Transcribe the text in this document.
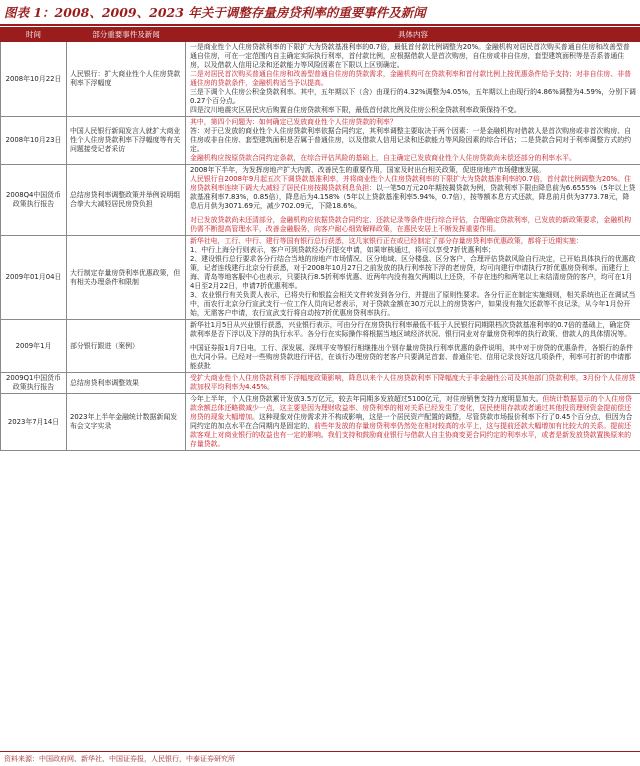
图表 1：2008、2009、2023 年关于调整存量房贷利率的重要事件及新闻
时间	部分重要事件及新闻	具体内容
2008年10月22日	人民银行：扩大商业性个人住房贷款利率下浮幅度	一是商业性个人住房贷款利率的下限扩大为贷款基准利率的0.7倍，最低首付款比例调整为20%。金融机构对居民首次购买普通自住房和改善型普通自住房，可在一定范围内自主确定实际执行利率，首付款比例，应根据借款人是首次购房，自住房或非自住房，套型建筑面积等是否系普通住房，以及借款人信用记录和还款能力等风险因素在下限以上区别确定。

二是对居民首次购买普通自住房和改善型普通自住房的贷款需求，金融机构可在贷款利率和首付款比例上按优惠条件给予支持；对非自住房、非普通住房的贷款条件，金融机构适当予以提高。

三是下调个人住房公积金贷款利率。其中，五年期以下（含）由现行的4.32%调整为4.05%，五年期以上由现行的4.86%调整为4.59%，分别下调0.27个百分点。

四是汶川地震灾区居民灾后购置自住房贷款利率下限，最低首付款比例及住房公积金贷款利率政策保持不变。

2008年10月23日	中国人民银行新闻发言人就扩大商业性个人住房贷款利率下浮幅度等有关问题接受记者采访	其中，第四个问题为：如何确定已发放商业性个人住房贷款的利率？

答：对于已发放的商业性个人住房贷款利率依据合同约定，其利率调整主要取决于两个因素：一是金融机构对借款人是首次购房或非首次购房、自住房或非自住房、套型建筑面积是否属于普通住房，以及借款人信用记录和还款能力等风险因素的综合评估；二是贷款合同对于利率调整方式的约定。

金融机构应按原贷款合同约定条款，在综合评估风险的基础上，自主确定已发放商业性个人住房贷款尚未偿还部分的利率水平。

2008Q4中国货币政策执行报告	总结房贷利率调整政策并举例说明组合拳大大减轻居民房贷负担	2008年下半年，为发挥房地产扩大内需、改善民生的重要作用，国家及时出台相关政策，促进房地产市场健康发展。

人民银行自2008年9月起五次下调贷款基准利率，并将商业性个人住房贷款利率的下限扩大为贷款基准利率的0.7倍，首付款比例调整为20%。住房贷款利率连续下调大大减轻了居民住房按揭贷款利息负担：以一笔50万元20年期按揭贷款为例，贷款利率下限由降息前为6.6555%（5年以上贷款基准利率7.83%，0.85倍），降息后为4.158%（5年以上贷款基准利率5.94%，0.7倍），按等额本息方式还款，降息前月供为3773.78元，降息后月供为3071.69元，减少702.09元，下降18.6%。

对已发放贷款尚未还清部分，金融机构应依据贷款合同约定、还款记录等条件进行综合评估，合理确定贷款利率，已发放的新政策要求，金融机构仍需不断提高管理水平，改善金融服务，向客户耐心细致解释政策，在惠民安居上不断发挥重要作用。

2009年01月04日	大行制定存量房贷利率优惠政策，但有相关办理条件和限制	新华社电，工行、中行、建行等国有银行总行获悉，这几家银行正在或已经制定了部分存量房贷利率优惠政策，都将于近期实施：

1、中行上海分行则表示，客户可到贷款经办行提交申请，如果审核通过，将可以享受7折优惠利率；

2、建设银行总行要求各分行结合当地的房地产市场情况、区分地域、区分楼盘、区分客户，合理评估贷款风险自行决定，已开始具体执行的优惠政策，记者连线建行北京分行获悉，对于2008年10月27日之前发放的执行利率按下浮的老房贷，均可向建行申请执行7折优惠房贷利率。而建行上海、青岛等地客服中心也表示，只要执行8.5折利率优惠、近两年内没有拖欠两期以上还贷，不存在违约和两笔以上未结清房贷的客户，均可在1月4日至2月22日，申请7折优惠利率。

3、农业银行有关负责人表示，已将央行和银监会相关文件转发到各分行，并提出了原则性要求。各分行正在制定实施细则，相关系统也正在调试当中，而农行北京分行宣武支行一位工作人员向记者表示，对于贷款金额在30万元以上的房贷客户，如果没有拖欠还款等不良记录，从今年1月份开始，无需客户申请，农行宣武支行将自动按7折优惠房贷利率执行。

2009年1月	部分银行跟进（案例）	新华社1月5日从兴业银行获悉，兴业银行表示，可由分行在房贷执行利率最低不低于人民银行同期限档次贷款基准利率的0.7倍的基础上，确定贷款利率是否下浮以及下浮的执行水平。各分行在实际操作将根据当地区域经济状况、银行同业对存量房贷利率的执行政策、借款人的具体情况等。

中国证券报1月7日电，工行、深发展、深圳平安等银行相继推出个别存量房贷执行利率优惠的条件说明，其中对于房贷的优惠条件，各银行的条件也大同小异。已经对一些购房贷款进行评估，在该行办理房贷的老客户只要满足首套、普通住宅、信用记录良好这几项条件，利率可打折的申请都能获批

2009Q1中国货币政策执行报告	总结房贷利率调整效果	受扩大商业性个人住房贷款利率下浮幅度政策影响，降息以来个人住房贷款利率下降幅度大于非金融性公司及其他部门贷款利率，3月份个人住房贷款加权平均利率为4.45%。

2023年7月14日	2023年上半年金融统计数据新闻发布会文字实录	今年上半年，个人住房贷款累计发放3.5万亿元，较去年同期多发放超过5100亿元，对住房销售支持力度明显加大。但统计数据显示的个人住房贷款余额总体还略微减少一点，这主要是因为理财收益率、房贷利率的相对关系已经发生了变化，居民使用存款或者通过其他投资理财资金提前偿还房贷的现象大幅增加。这种现象对住房需求并不构成影响，这是一个居民资产配置的调整，尽管贷款市场报价利率下行了0.45个百分点，但因为合同约定的加点水平在合同期内是固定的，前些年发放的存量房贷利率仍然处在相对较高的水平上，这与提前还款大幅增加有比较大的关系。提前还款客观上对商业银行的收益也有一定的影响。我们支持和鼓励商业银行与借款人自主协商变更合同约定的利率水平，或者是新发放贷款置换原来的存量贷款。

资料来源：中国政府网、新华社、中国证券报，人民银行，中泰证券研究所
